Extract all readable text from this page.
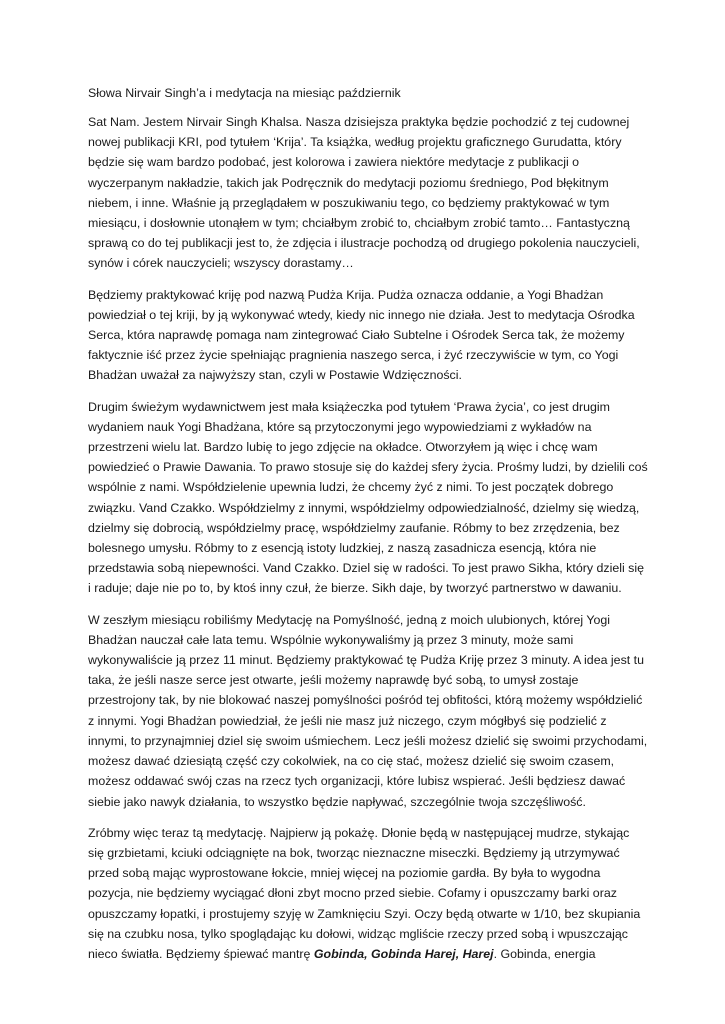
Słowa Nirvair Singh’a i medytacja na miesiąc październik

Sat Nam. Jestem Nirvair Singh Khalsa. Nasza dzisiejsza praktyka będzie pochodzić z tej cudownej nowej publikacji KRI, pod tytułem ‘Krija’. Ta książka, według projektu graficznego Gurudatta, który będzie się wam bardzo podobać, jest kolorowa i zawiera niektóre medytacje z publikacji o wyczerpanym nakładzie, takich jak Podręcznik do medytacji poziomu średniego, Pod błękitnym niebem, i inne. Właśnie ją przeglądałem w poszukiwaniu tego, co będziemy praktykować w tym miesiącu, i dosłownie utonąłem w tym; chciałbym zrobić to, chciałbym zrobić tamto… Fantastyczną sprawą co do tej publikacji jest to, że zdjęcia i ilustracje pochodzą od drugiego pokolenia nauczycieli, synów i córek nauczycieli; wszyscy dorastamy…

Będziemy praktykować kriję pod nazwą Pudża Krija. Pudża oznacza oddanie, a Yogi Bhadżan powiedział o tej kriji, by ją wykonywać wtedy, kiedy nic innego nie działa. Jest to medytacja Ośrodka Serca, która naprawdę pomaga nam zintegrować Ciało Subtelne i Ośrodek Serca tak, że możemy faktycznie iść przez życie spełniając pragnienia naszego serca, i żyć rzeczywiście w tym, co Yogi Bhadżan uważał za najwyższy stan, czyli w Postawie Wdzięczności.

Drugim świeżym wydawnictwem jest mała książeczka pod tytułem ‘Prawa życia’, co jest drugim wydaniem nauk Yogi Bhadżana, które są przytoczonymi jego wypowiedziami z wykładów na przestrzeni wielu lat. Bardzo lubię to jego zdjęcie na okładce. Otworzyłem ją więc i chcę wam powiedzieć o Prawie Dawania. To prawo stosuje się do każdej sfery życia. Prośmy ludzi, by dzielili coś wspólnie z nami. Współdzielenie upewnia ludzi, że chcemy żyć z nimi. To jest początek dobrego związku. Vand Czakko. Współdzielmy z innymi, współdzielmy odpowiedzialność, dzielmy się wiedzą, dzielmy się dobrocią, współdzielmy pracę, współdzielmy zaufanie. Róbmy to bez zrzędzenia, bez bolesnego umysłu. Róbmy to z esencją istoty ludzkiej, z naszą zasadnicza esencją, która nie przedstawia sobą niepewności. Vand Czakko. Dziel się w radości. To jest prawo Sikha, który dzieli się i raduje; daje nie po to, by ktoś inny czuł, że bierze. Sikh daje, by tworzyć partnerstwo w dawaniu.

W zeszłym miesiącu robiliśmy Medytację na Pomyślność, jedną z moich ulubionych, której Yogi Bhadżan nauczał całe lata temu. Wspólnie wykonywaliśmy ją przez 3 minuty, może sami wykonywaliście ją przez 11 minut. Będziemy praktykować tę Pudża Kriję przez 3 minuty. A idea jest tu taka, że jeśli nasze serce jest otwarte, jeśli możemy naprawdę być sobą, to umysł zostaje przestrojony tak, by nie blokować naszej pomyślności pośród tej obfitości, którą możemy współdzielić z innymi. Yogi Bhadżan powiedział, że jeśli nie masz już niczego, czym mógłbyś się podzielić z innymi, to przynajmniej dziel się swoim uśmiechem. Lecz jeśli możesz dzielić się swoimi przychodami, możesz dawać dziesiątą część czy cokolwiek, na co cię stać, możesz dzielić się swoim czasem, możesz oddawać swój czas na rzecz tych organizacji, które lubisz wspierać. Jeśli będziesz dawać siebie jako nawyk działania, to wszystko będzie napływać, szczególnie twoja szczęśliwość.

Zróbmy więc teraz tą medytację. Najpierw ją pokażę. Dłonie będą w następującej mudrze, stykając się grzbietami, kciuki odciągnięte na bok, tworząc nieznaczne miseczki. Będziemy ją utrzymywać przed sobą mając wyprostowane łokcie, mniej więcej na poziomie gardła. By była to wygodna pozycja, nie będziemy wyciągać dłoni zbyt mocno przed siebie. Cofamy i opuszczamy barki oraz opuszczamy łopatki, i prostujemy szyję w Zamknięciu Szyi. Oczy będą otwarte w 1/10, bez skupiania się na czubku nosa, tylko spoglądając ku dołowi, widząc mgliście rzeczy przed sobą i wpuszczając nieco światła. Będziemy śpiewać mantrę Gobinda, Gobinda Harej, Harej. Gobinda, energia
